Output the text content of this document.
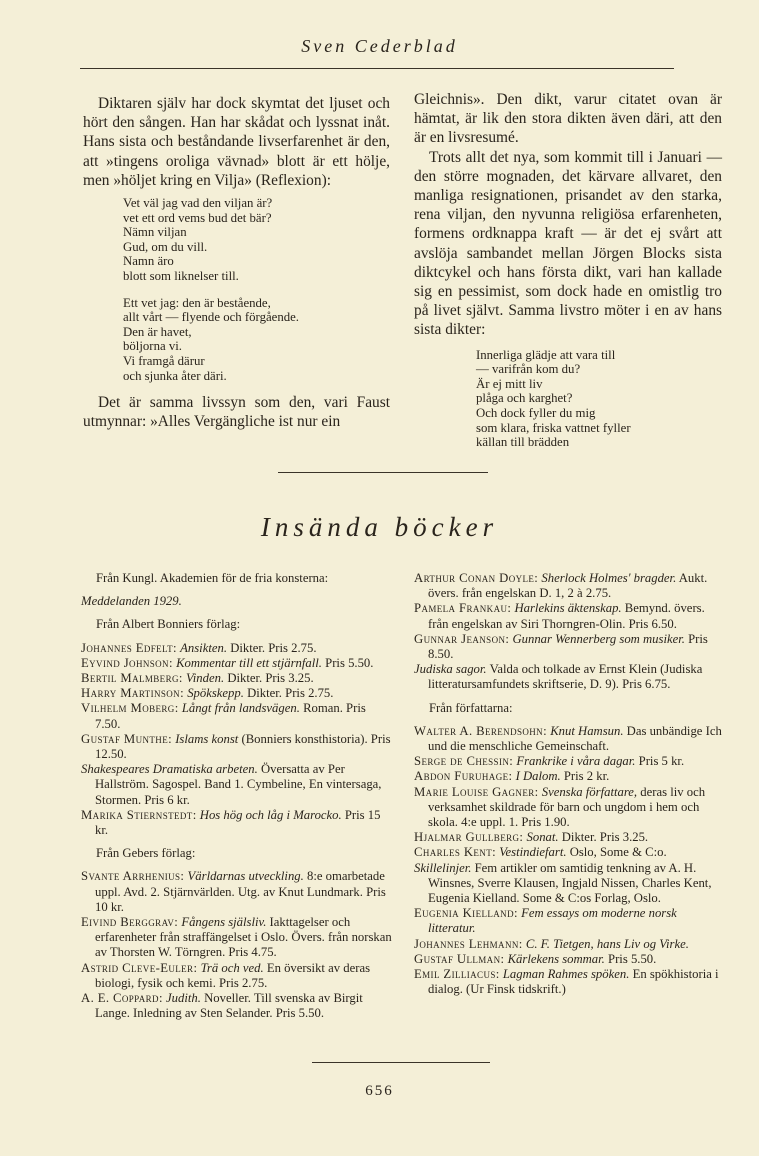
Sven Cederblad

Diktaren själv har dock skymtat det ljuset och hört den sången. Han har skådat och lyssnat inåt. Hans sista och beståndande livserfarenhet är den, att »tingens oroliga vävnad» blott är ett hölje, men »höljet kring en Vilja» (Reflexion):

Vet väl jag vad den viljan är?
vet ett ord vems bud det bär?
Nämn viljan
Gud, om du vill.
Namn äro
blott som liknelser till.
Ett vet jag: den är bestående,
allt vårt — flyende och förgående.
Den är havet,
böljorna vi.
Vi framgå därur
och sjunka åter däri.

Det är samma livssyn som den, vari Faust utmynnar: »Alles Vergängliche ist nur ein

Gleichnis». Den dikt, varur citatet ovan är hämtat, är lik den stora dikten även däri, att den är en livsresumé.

Trots allt det nya, som kommit till i Januari — den större mognaden, det kärvare allvaret, den manliga resignationen, prisandet av den starka, rena viljan, den nyvunna religiösa erfarenheten, formens ordknappa kraft — är det ej svårt att avslöja sambandet mellan Jörgen Blocks sista diktcykel och hans första dikt, vari han kallade sig en pessimist, som dock hade en omistlig tro på livet självt. Samma livstro möter i en av hans sista dikter:

Innerliga glädje att vara till
— varifrån kom du?
Är ej mitt liv
plåga och karghet?
Och dock fyller du mig
som klara, friska vattnet fyller
källan till brädden
Insända böcker
Från Kungl. Akademien för de fria konsterna:
Meddelanden 1929.
Från Albert Bonniers förlag:
Johannes Edfelt: Ansikten. Dikter. Pris 2.75.
Eyvind Johnson: Kommentar till ett stjärnfall. Pris 5.50.
Bertil Malmberg: Vinden. Dikter. Pris 3.25.
Harry Martinson: Spökskepp. Dikter. Pris 2.75.
Vilhelm Moberg: Långt från landsvägen. Roman. Pris 7.50.
Gustaf Munthe: Islams konst (Bonniers konsthistoria). Pris 12.50.
Shakespeares Dramatiska arbeten. Översatta av Per Hallström. Sagospel. Band 1. Cymbeline, En vintersaga, Stormen. Pris 6 kr.
Marika Stiernstedt: Hos hög och låg i Marocko. Pris 15 kr.
Från Gebers förlag:
Svante Arrhenius: Världarnas utveckling. 8:e omarbetade uppl. Avd. 2. Stjärnvärlden. Utg. av Knut Lundmark. Pris 10 kr.
Eivind Berggrav: Fångens själsliv. Iakttagelser och erfarenheter från straffängelset i Oslo. Övers. från norskan av Thorsten W. Törngren. Pris 4.75.
Astrid Cleve-Euler: Trä och ved. En översikt av deras biologi, fysik och kemi. Pris 2.75.
A. E. Coppard: Judith. Noveller. Till svenska av Birgit Lange. Inledning av Sten Selander. Pris 5.50.
Arthur Conan Doyle: Sherlock Holmes' bragder. Aukt. övers. från engelskan D. 1, 2 à 2.75.
Pamela Frankau: Harlekins äktenskap. Bemynd. övers. från engelskan av Siri Thorngren-Olin. Pris 6.50.
Gunnar Jeanson: Gunnar Wennerberg som musiker. Pris 8.50.
Judiska sagor. Valda och tolkade av Ernst Klein (Judiska litteratursamfundets skriftserie, D. 9). Pris 6.75.
Från författarna:
Walter A. Berendsohn: Knut Hamsun. Das unbändige Ich und die menschliche Gemeinschaft.
Serge de Chessin: Frankrike i våra dagar. Pris 5 kr.
Abdon Furuhage: I Dalom. Pris 2 kr.
Marie Louise Gagner: Svenska författare, deras liv och verksamhet skildrade för barn och ungdom i hem och skola. 4:e uppl. 1. Pris 1.90.
Hjalmar Gullberg: Sonat. Dikter. Pris 3.25.
Charles Kent: Vestindiefart. Oslo, Some & C:o.
Skillelinjer. Fem artikler om samtidig tenkning av A. H. Winsnes, Sverre Klausen, Ingjald Nissen, Charles Kent, Eugenia Kielland. Some & C:os Forlag, Oslo.
Eugenia Kielland: Fem essays om moderne norsk litteratur.
Johannes Lehmann: C. F. Tietgen, hans Liv og Virke.
Gustaf Ullman: Kärlekens sommar. Pris 5.50.
Emil Zilliacus: Lagman Rahmes spöken. En spökhistoria i dialog. (Ur Finsk tidskrift.)
656
